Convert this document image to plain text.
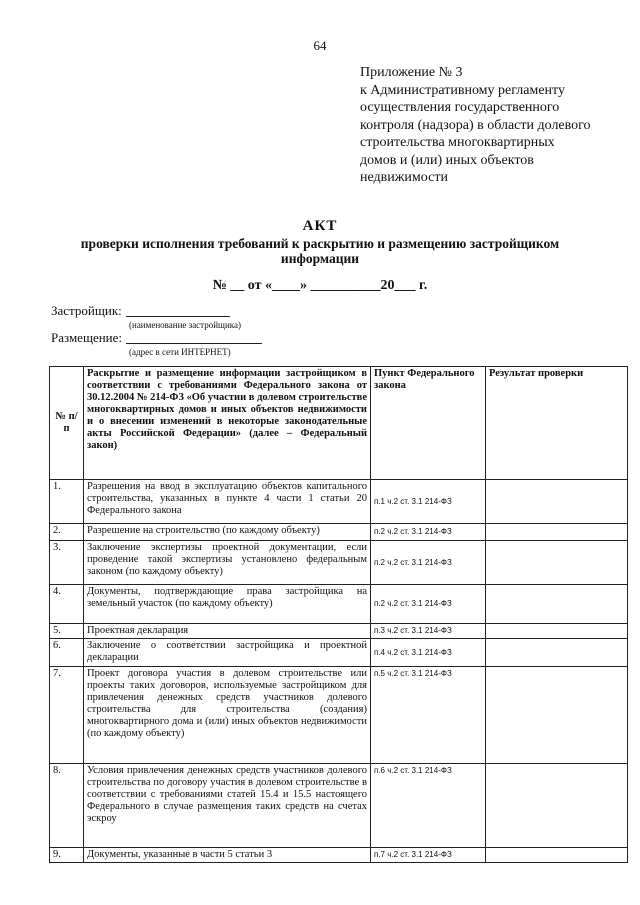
64
Приложение № 3
к Административному регламенту
осуществления государственного
контроля (надзора) в области долевого
строительства многоквартирных
домов и (или) иных объектов
недвижимости
АКТ
проверки исполнения требований к раскрытию и размещению застройщиком информации
№ __ от «____» __________20___ г.
Застройщик:
(наименование застройщика)
Размещение:
(адрес в сети ИНТЕРНЕТ)
№ п/п	Раскрытие и размещение информации застройщиком в соответствии с требованиями Федерального закона от 30.12.2004 № 214-ФЗ «Об участии в долевом строительстве многоквартирных домов и иных объектов недвижимости и о внесении изменений в некоторые законодательные акты Российской Федерации» (далее – Федеральный закон)	Пункт Федерального закона	Результат проверки
1.	Разрешения на ввод в эксплуатацию объектов капитального строительства, указанных в пункте 4 части 1 статьи 20 Федерального закона	п.1 ч.2 ст. 3.1 214-ФЗ	
2.	Разрешение на строительство (по каждому объекту)	п.2 ч.2 ст. 3.1 214-ФЗ	
3.	Заключение экспертизы проектной документации, если проведение такой экспертизы установлено федеральным законом (по каждому объекту)	п.2 ч.2 ст. 3.1 214-ФЗ	
4.	Документы, подтверждающие права застройщика на земельный участок (по каждому объекту)	п.2 ч.2 ст. 3.1 214-ФЗ	
5.	Проектная декларация	п.3 ч.2 ст. 3.1 214-ФЗ	
6.	Заключение о соответствии застройщика и проектной декларации	п.4 ч.2 ст. 3.1 214-ФЗ	
7.	Проект договора участия в долевом строительстве или проекты таких договоров, используемые застройщиком для привлечения денежных средств участников долевого строительства для строительства (создания) многоквартирного дома и (или) иных объектов недвижимости (по каждому объекту)	п.5 ч.2 ст. 3.1 214-ФЗ	
8.	Условия привлечения денежных средств участников долевого строительства по договору участия в долевом строительстве в соответствии с требованиями статей 15.4 и 15.5 настоящего Федерального в случае размещения таких средств на счетах эскроу	п.6 ч.2 ст. 3.1 214-ФЗ	
9.	Документы, указанные в части 5 статьи 3	п.7 ч.2 ст. 3.1 214-ФЗ	
